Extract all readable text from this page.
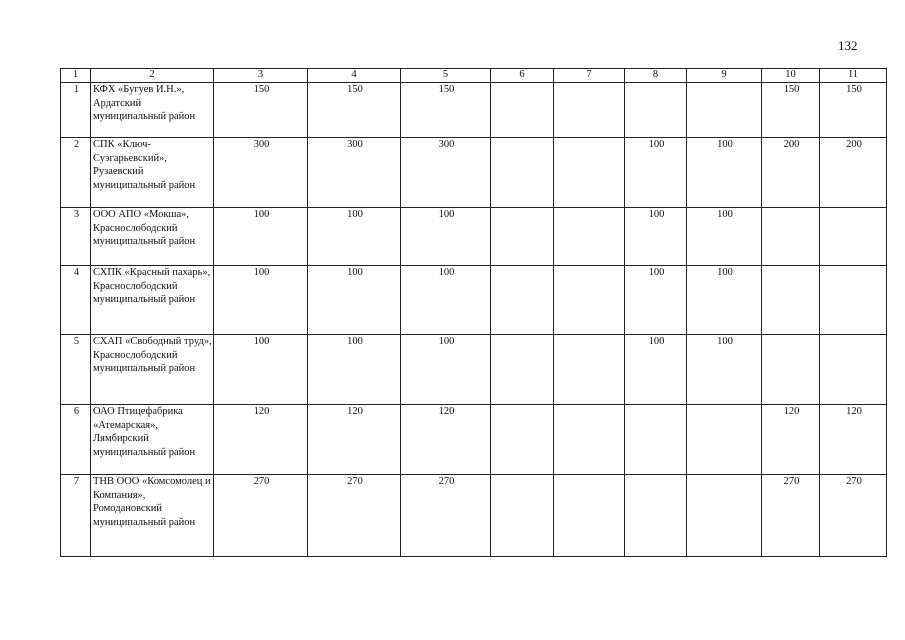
132
1	2	3	4	5	6	7	8	9	10	11
1	КФХ «Бугуев И.Н.», Ардатский муниципальный район	150	150	150					150	150
2	СПК «Ключ-Суэгарьевский», Рузаевский муниципальный район	300	300	300			100	100	200	200
3	ООО АПО «Мокша», Краснослободский муниципальный район	100	100	100			100	100		
4	СХПК «Красный пахарь», Краснослободский муниципальный район	100	100	100			100	100		
5	СХАП «Свободный труд», Краснослободский муниципальный район	100	100	100			100	100		
6	ОАО Птицефабрика «Атемарская», Лямбирский муниципальный район	120	120	120					120	120
7	ТНВ ООО «Комсомолец и Компания», Ромодановский муниципальный район	270	270	270					270	270
